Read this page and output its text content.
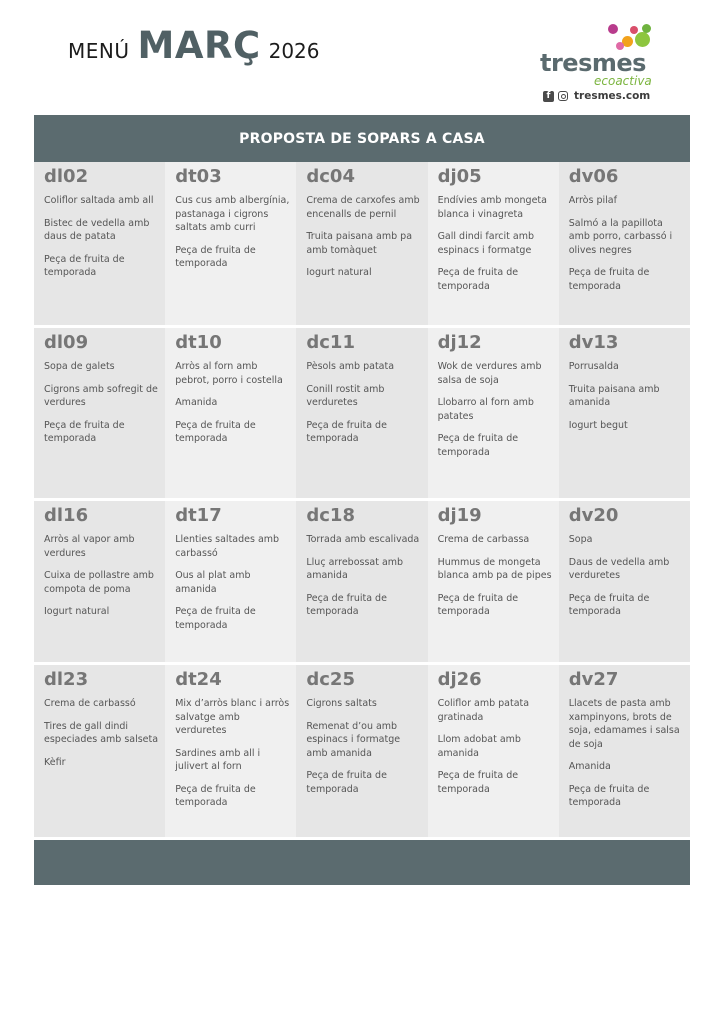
MENÚ MARÇ 2026	tresmes
ecoactiva
f	tresmes.com
PROPOSTA DE SOPARS A CASA
dl02
Coliflor saltada amb all
Bistec de vedella amb daus de patata
Peça de fruita de temporada
dt03
Cus cus amb albergínia, pastanaga i cigrons saltats amb curri
Peça de fruita de temporada
dc04
Crema de carxofes amb encenalls de pernil
Truita paisana amb pa amb tomàquet
Iogurt natural
dj05
Endívies amb mongeta blanca i vinagreta
Gall dindi farcit amb espinacs i formatge
Peça de fruita de temporada
dv06
Arròs pilaf
Salmó a la papillota amb porro, carbassó i olives negres
Peça de fruita de temporada
dl09
Sopa de galets
Cigrons amb sofregit de verdures
Peça de fruita de temporada
dt10
Arròs al forn amb pebrot, porro i costella
Amanida
Peça de fruita de temporada
dc11
Pèsols amb patata
Conill rostit amb verduretes
Peça de fruita de temporada
dj12
Wok de verdures amb salsa de soja
Llobarro al forn amb patates
Peça de fruita de temporada
dv13
Porrusalda
Truita paisana amb amanida
Iogurt begut
dl16
Arròs al vapor amb verdures
Cuixa de pollastre amb compota de poma
Iogurt natural
dt17
Llenties saltades amb carbassó
Ous al plat amb amanida
Peça de fruita de temporada
dc18
Torrada amb escalivada
Lluç arrebossat amb amanida
Peça de fruita de temporada
dj19
Crema de carbassa
Hummus de mongeta blanca amb pa de pipes
Peça de fruita de temporada
dv20
Sopa
Daus de vedella amb verduretes
Peça de fruita de temporada
dl23
Crema de carbassó
Tires de gall dindi especiades amb salseta
Kèfir
dt24
Mix d’arròs blanc i arròs salvatge amb verduretes
Sardines amb all i julivert al forn
Peça de fruita de temporada
dc25
Cigrons saltats
Remenat d’ou amb espinacs i formatge amb amanida
Peça de fruita de temporada
dj26
Coliflor amb patata gratinada
Llom adobat amb amanida
Peça de fruita de temporada
dv27
Llacets de pasta amb xampinyons, brots de soja, edamames i salsa de soja
Amanida
Peça de fruita de temporada
